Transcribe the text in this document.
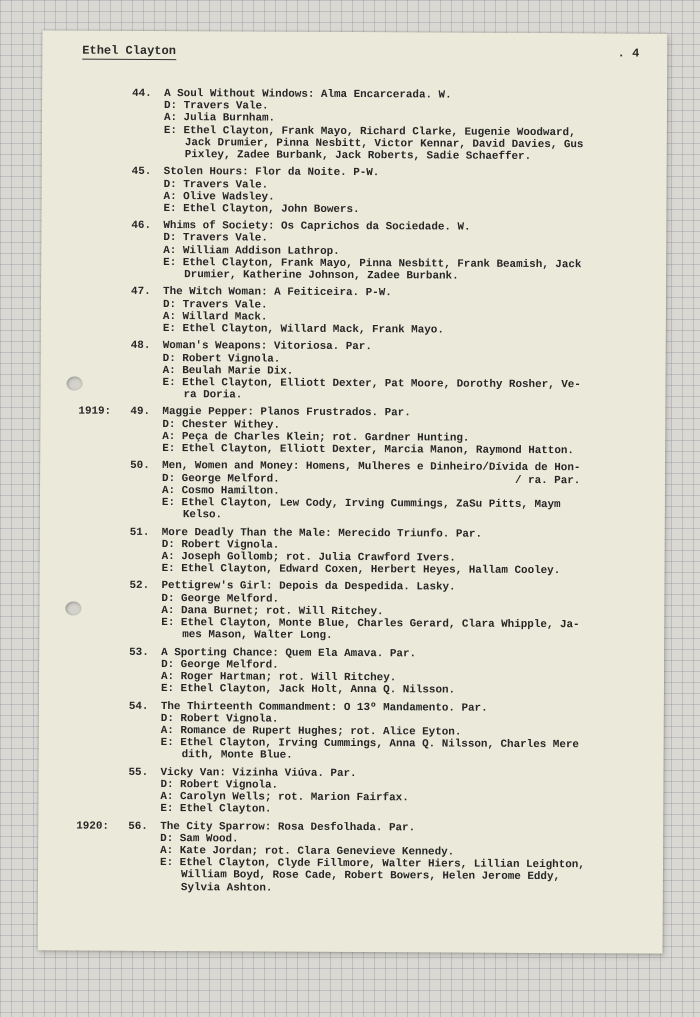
Ethel Clayton	. 4
44. A Soul Without Windows: Alma Encarcerada. W.
D: Travers Vale.
A: Julia Burnham.
E: Ethel Clayton, Frank Mayo, Richard Clarke, Eugenie Woodward,
Jack Drumier, Pinna Nesbitt, Victor Kennar, David Davies, Gus
Pixley, Zadee Burbank, Jack Roberts, Sadie Schaeffer.
45. Stolen Hours: Flor da Noite. P-W.
D: Travers Vale.
A: Olive Wadsley.
E: Ethel Clayton, John Bowers.
46. Whims of Society: Os Caprichos da Sociedade. W.
D: Travers Vale.
A: William Addison Lathrop.
E: Ethel Clayton, Frank Mayo, Pinna Nesbitt, Frank Beamish, Jack
Drumier, Katherine Johnson, Zadee Burbank.
47. The Witch Woman: A Feiticeira. P-W.
D: Travers Vale.
A: Willard Mack.
E: Ethel Clayton, Willard Mack, Frank Mayo.
48. Woman's Weapons: Vitoriosa. Par.
D: Robert Vignola.
A: Beulah Marie Dix.
E: Ethel Clayton, Elliott Dexter, Pat Moore, Dorothy Rosher, Ve-
ra Doria.
1919: 49. Maggie Pepper: Planos Frustrados. Par.
D: Chester Withey.
A: Peça de Charles Klein; rot. Gardner Hunting.
E: Ethel Clayton, Elliott Dexter, Marcia Manon, Raymond Hatton.
50. Men, Women and Money: Homens, Mulheres e Dinheiro/Dívida de Hon-
D: George Melford.                                    / ra. Par.
A: Cosmo Hamilton.
E: Ethel Clayton, Lew Cody, Irving Cummings, ZaSu Pitts, Maym
Kelso.
51. More Deadly Than the Male: Merecido Triunfo. Par.
D: Robert Vignola.
A: Joseph Gollomb; rot. Julia Crawford Ivers.
E: Ethel Clayton, Edward Coxen, Herbert Heyes, Hallam Cooley.
52. Pettigrew's Girl: Depois da Despedida. Lasky.
D: George Melford.
A: Dana Burnet; rot. Will Ritchey.
E: Ethel Clayton, Monte Blue, Charles Gerard, Clara Whipple, Ja-
mes Mason, Walter Long.
53. A Sporting Chance: Quem Ela Amava. Par.
D: George Melford.
A: Roger Hartman; rot. Will Ritchey.
E: Ethel Clayton, Jack Holt, Anna Q. Nilsson.
54. The Thirteenth Commandment: O 13º Mandamento. Par.
D: Robert Vignola.
A: Romance de Rupert Hughes; rot. Alice Eyton.
E: Ethel Clayton, Irving Cummings, Anna Q. Nilsson, Charles Mere
dith, Monte Blue.
55. Vicky Van: Vizinha Viúva. Par.
D: Robert Vignola.
A: Carolyn Wells; rot. Marion Fairfax.
E: Ethel Clayton.
1920: 56. The City Sparrow: Rosa Desfolhada. Par.
D: Sam Wood.
A: Kate Jordan; rot. Clara Genevieve Kennedy.
E: Ethel Clayton, Clyde Fillmore, Walter Hiers, Lillian Leighton,
William Boyd, Rose Cade, Robert Bowers, Helen Jerome Eddy,
Sylvia Ashton.
